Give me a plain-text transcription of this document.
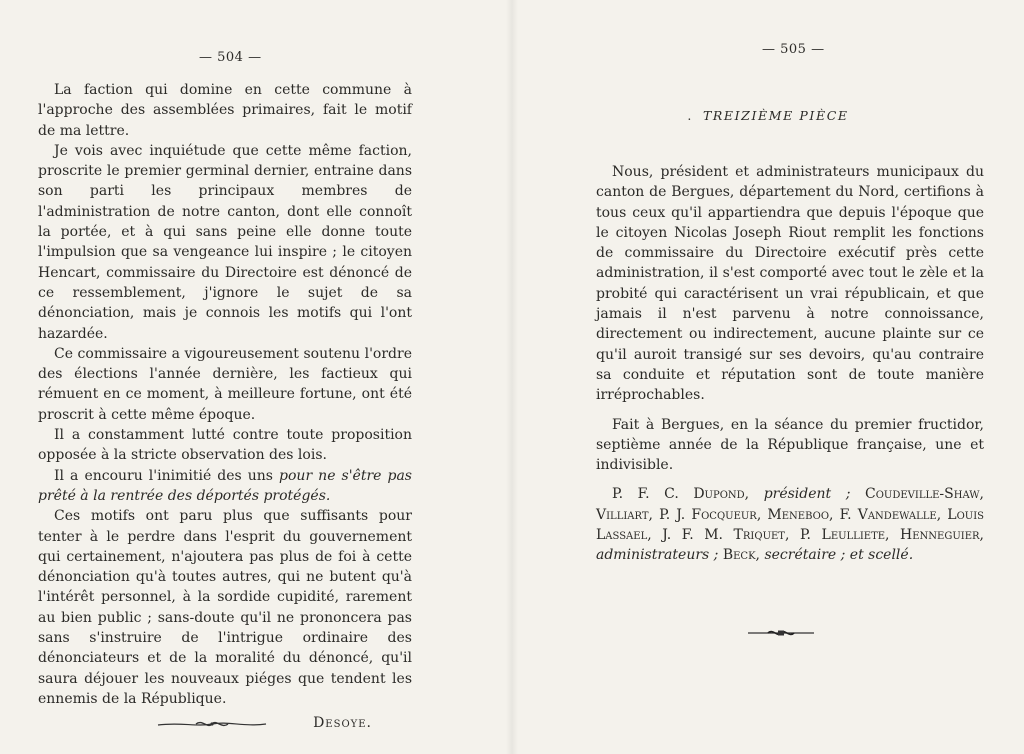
— 504 —

La faction qui domine en cette commune à l'approche des assemblées primaires, fait le motif de ma lettre.

Je vois avec inquiétude que cette même faction, proscrite le premier germinal dernier, entraine dans son parti les principaux membres de l'administration de notre canton, dont elle connoît la portée, et à qui sans peine elle donne toute l'impulsion que sa vengeance lui inspire ; le citoyen Hencart, commissaire du Directoire est dénoncé de ce ressemblement, j'ignore le sujet de sa dénonciation, mais je connois les motifs qui l'ont hazardée.

Ce commissaire a vigoureusement soutenu l'ordre des élections l'année dernière, les factieux qui rémuent en ce moment, à meilleure fortune, ont été proscrit à cette même époque.

Il a constamment lutté contre toute proposition opposée à la stricte observation des lois.

Il a encouru l'inimitié des uns pour ne s'être pas prêté à la rentrée des déportés protégés.

Ces motifs ont paru plus que suffisants pour tenter à le perdre dans l'esprit du gouvernement qui certainement, n'ajoutera pas plus de foi à cette dénonciation qu'à toutes autres, qui ne butent qu'à l'intérêt personnel, à la sordide cupidité, rarement au bien public ; sans-doute qu'il ne prononcera pas sans s'instruire de l'intrigue ordinaire des dénonciateurs et de la moralité du dénoncé, qu'il saura déjouer les nouveaux piéges que tendent les ennemis de la République.

Desoye.
— 505 —
. TREIZIÈME PIÈCE

Nous, président et administrateurs municipaux du canton de Bergues, département du Nord, certifions à tous ceux qu'il appartiendra que depuis l'époque que le citoyen Nicolas Joseph Riout remplit les fonctions de commissaire du Directoire exécutif près cette administration, il s'est comporté avec tout le zèle et la probité qui caractérisent un vrai républicain, et que jamais il n'est parvenu à notre connoissance, directement ou indirectement, aucune plainte sur ce qu'il auroit transigé sur ses devoirs, qu'au contraire sa conduite et réputation sont de toute manière irréprochables.

Fait à Bergues, en la séance du premier fructidor, septième année de la République française, une et indivisible.

P. F. C. Dupond, président ; Coudeville-Shaw, Villiart, P. J. Focqueur, Meneboo, F. Vandewalle, Louis Lassael, J. F. M. Triquet, P. Leulliete, Henneguier, administrateurs ; Beck, secrétaire ; et scellé.
